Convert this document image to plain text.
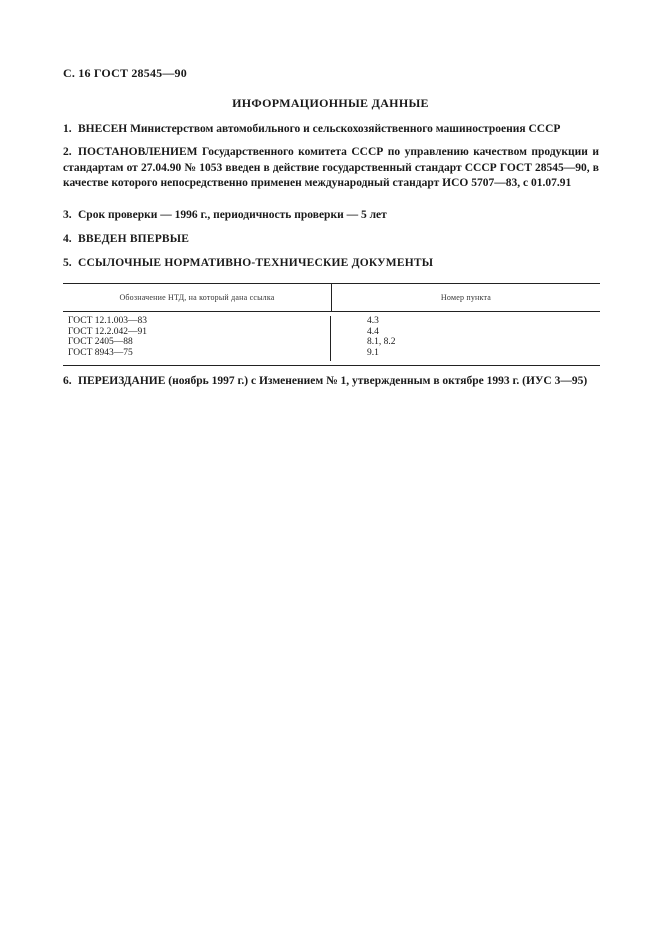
С. 16 ГОСТ 28545—90
ИНФОРМАЦИОННЫЕ ДАННЫЕ
1. ВНЕСЕН Министерством автомобильного и сельскохозяйственного машиностроения СССР
2. ПОСТАНОВЛЕНИЕМ Государственного комитета СССР по управлению качеством продукции и стандартам от 27.04.90 № 1053 введен в действие государственный стандарт СССР ГОСТ 28545—90, в качестве которого непосредственно применен международный стандарт ИСО 5707—83, с 01.07.91
3. Срок проверки — 1996 г., периодичность проверки — 5 лет
4. ВВЕДЕН ВПЕРВЫЕ
5. ССЫЛОЧНЫЕ НОРМАТИВНО-ТЕХНИЧЕСКИЕ ДОКУМЕНТЫ
Обозначение НТД, на который дана ссылка	Номер пункта
ГОСТ 12.1.003—83
ГОСТ 12.2.042—91
ГОСТ 2405—88
ГОСТ 8943—75
4.3
4.4
8.1, 8.2
9.1
6. ПЕРЕИЗДАНИЕ (ноябрь 1997 г.) с Изменением № 1, утвержденным в октябре 1993 г. (ИУС 3—95)
